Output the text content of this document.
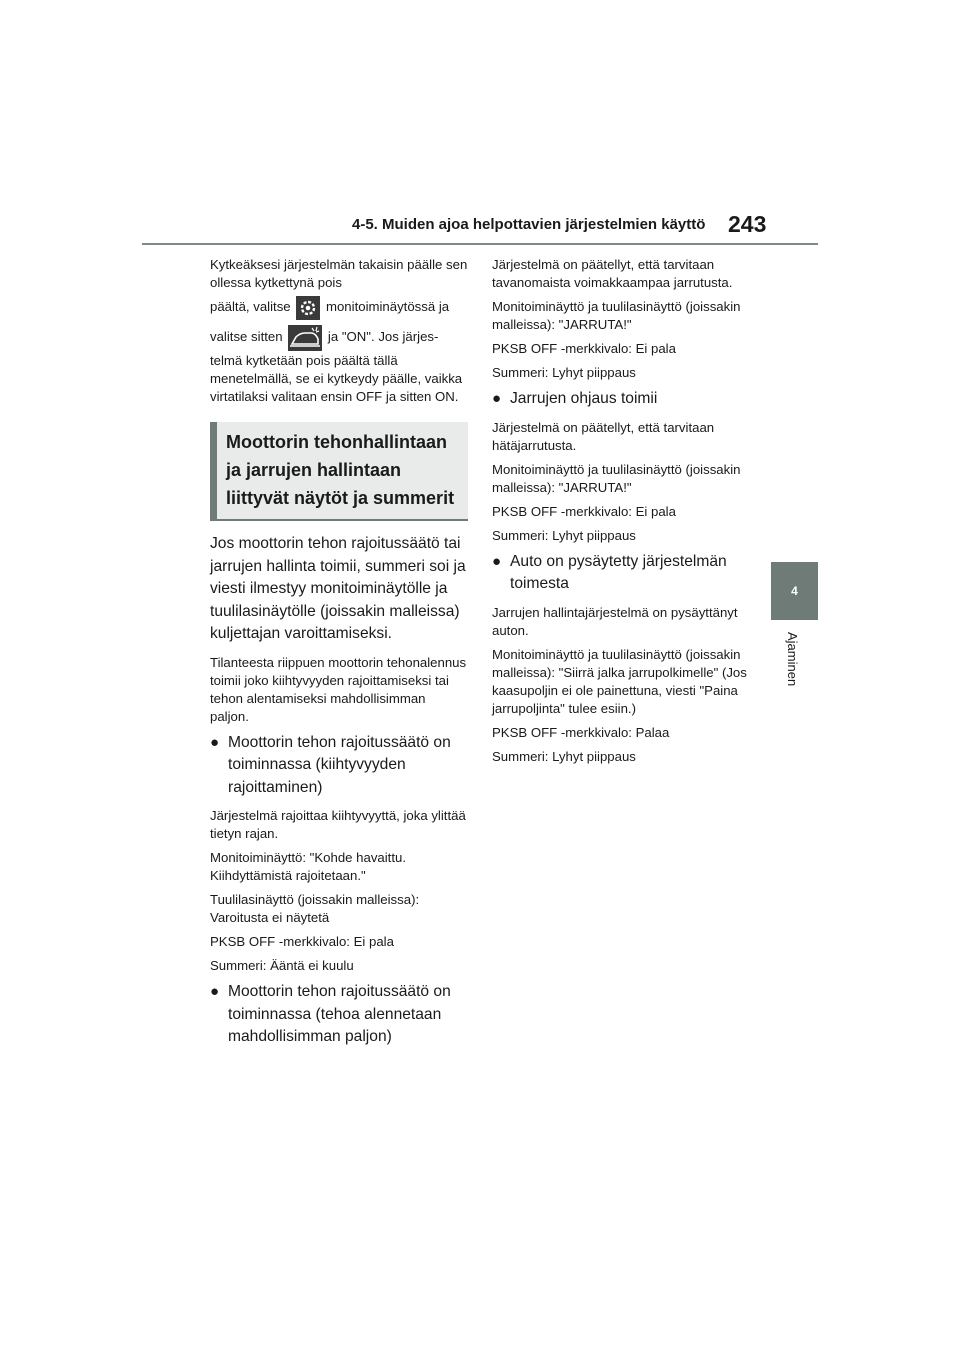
4-5. Muiden ajoa helpottavien järjestelmien käyttö 243
4
Ajaminen

Kytkeäksesi järjestelmän takaisin päälle sen ollessa kytkettynä pois

päältä, valitse	monitoiminäytössä ja

valitse sitten	ja "ON". Jos järjes-

telmä kytketään pois päältä tällä menetelmällä, se ei kytkeydy päälle, vaikka virtatilaksi valitaan ensin OFF ja sitten ON.

Moottorin tehonhallintaan ja jarrujen hallintaan liittyvät näytöt ja summerit

Jos moottorin tehon rajoitussäätö tai jarrujen hallinta toimii, summeri soi ja viesti ilmestyy monitoiminäytölle ja tuulilasinäytölle (joissakin malleissa) kuljettajan varoittamiseksi.

Tilanteesta riippuen moottorin tehonalennus toimii joko kiihtyvyyden rajoittamiseksi tai tehon alentamiseksi mahdollisimman paljon.

● Moottorin tehon rajoitussäätö on toiminnassa (kiihtyvyyden rajoittaminen)

Järjestelmä rajoittaa kiihtyvyyttä, joka ylittää tietyn rajan.

Monitoiminäyttö: "Kohde havaittu. Kiihdyttämistä rajoitetaan."

Tuulilasinäyttö (joissakin malleissa): Varoitusta ei näytetä

PKSB OFF -merkkivalo: Ei pala

Summeri: Ääntä ei kuulu

● Moottorin tehon rajoitussäätö on toiminnassa (tehoa alennetaan mahdollisimman paljon)

Järjestelmä on päätellyt, että tarvitaan tavanomaista voimakkaampaa jarrutusta.

Monitoiminäyttö ja tuulilasinäyttö (joissakin malleissa): "JARRUTA!"

PKSB OFF -merkkivalo: Ei pala

Summeri: Lyhyt piippaus

● Jarrujen ohjaus toimii

Järjestelmä on päätellyt, että tarvitaan hätäjarrutusta.

Monitoiminäyttö ja tuulilasinäyttö (joissakin malleissa): "JARRUTA!"

PKSB OFF -merkkivalo: Ei pala

Summeri: Lyhyt piippaus

● Auto on pysäytetty järjestelmän toimesta

Jarrujen hallintajärjestelmä on pysäyttänyt auton.

Monitoiminäyttö ja tuulilasinäyttö (joissakin malleissa): "Siirrä jalka jarrupolkimelle" (Jos kaasupoljin ei ole painettuna, viesti "Paina jarrupoljinta" tulee esiin.)

PKSB OFF -merkkivalo: Palaa

Summeri: Lyhyt piippaus
